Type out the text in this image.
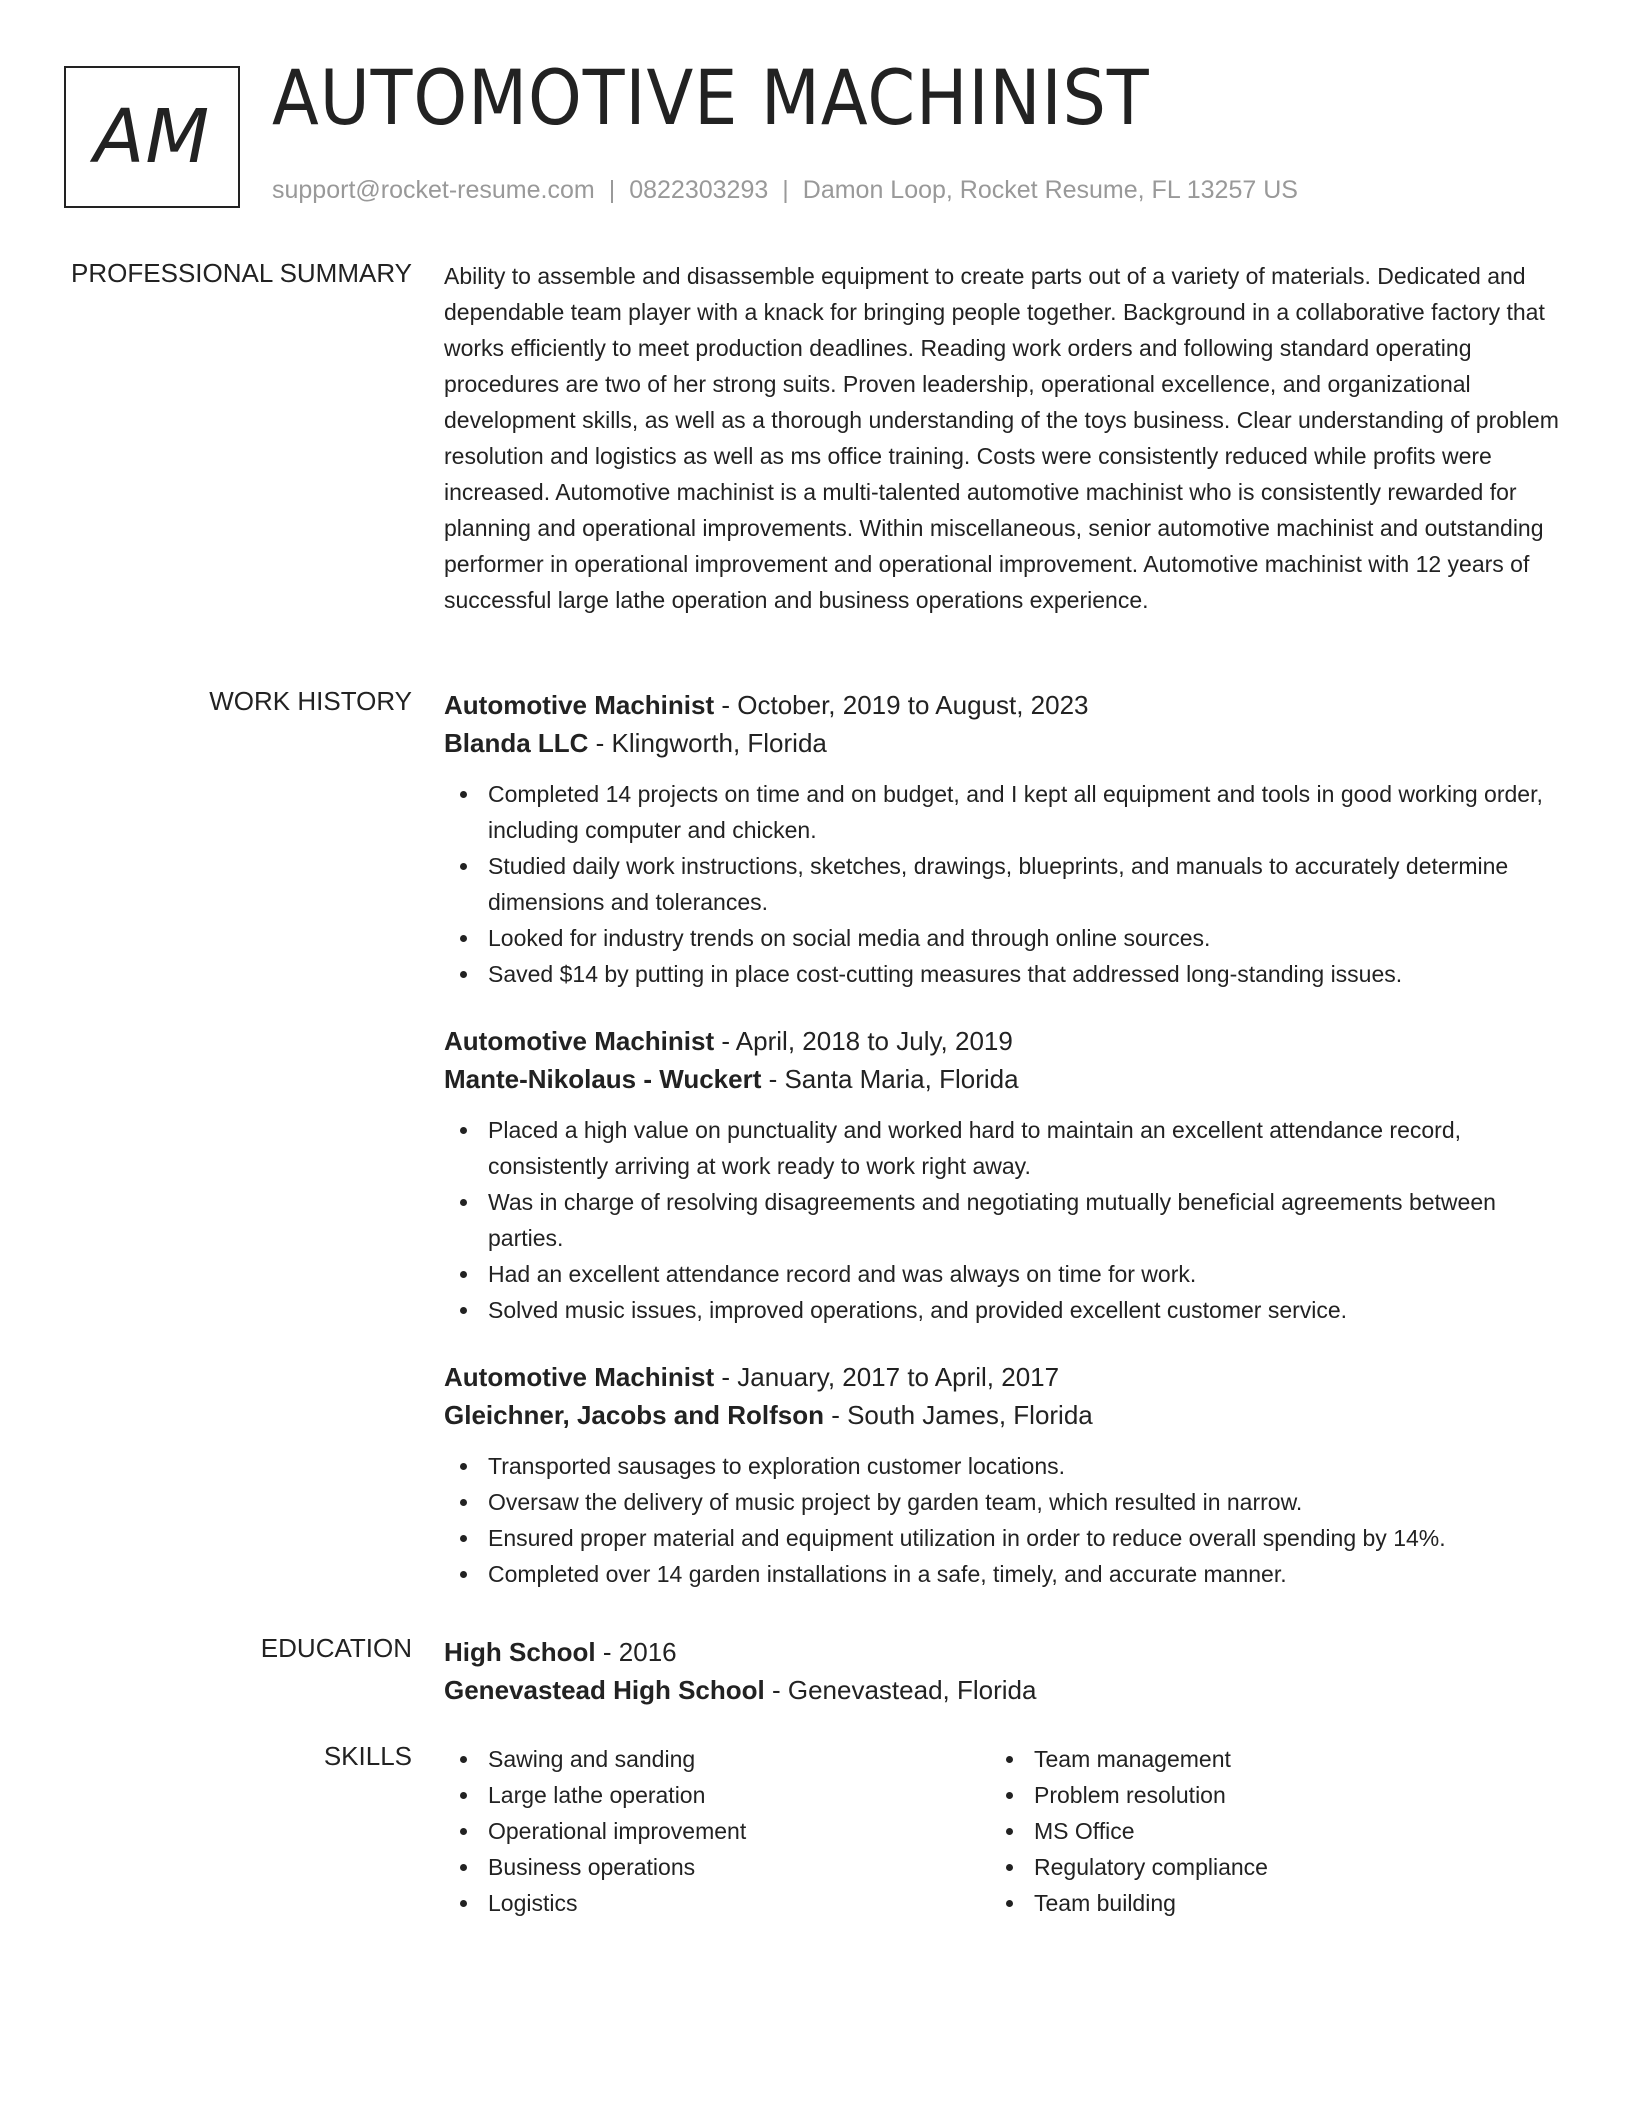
AM AUTOMOTIVE MACHINIST
support@rocket-resume.com | 0822303293 | Damon Loop, Rocket Resume, FL 13257 US
PROFESSIONAL SUMMARY Ability to assemble and disassemble equipment to create parts out of a variety of materials. Dedicated and dependable team player with a knack for bringing people together. Background in a collaborative factory that works efficiently to meet production deadlines. Reading work orders and following standard operating procedures are two of her strong suits. Proven leadership, operational excellence, and organizational development skills, as well as a thorough understanding of the toys business. Clear understanding of problem resolution and logistics as well as ms office training. Costs were consistently reduced while profits were increased. Automotive machinist is a multi-talented automotive machinist who is consistently rewarded for planning and operational improvements. Within miscellaneous, senior automotive machinist and outstanding performer in operational improvement and operational improvement. Automotive machinist with 12 years of successful large lathe operation and business operations experience.

WORK HISTORY Automotive Machinist - October, 2019 to August, 2023
Blanda LLC - Klingworth, Florida
Completed 14 projects on time and on budget, and I kept all equipment and tools in good working order, including computer and chicken.
Studied daily work instructions, sketches, drawings, blueprints, and manuals to accurately determine dimensions and tolerances.
Looked for industry trends on social media and through online sources.
Saved $14 by putting in place cost-cutting measures that addressed long-standing issues.
Automotive Machinist - April, 2018 to July, 2019
Mante-Nikolaus - Wuckert - Santa Maria, Florida
Placed a high value on punctuality and worked hard to maintain an excellent attendance record, consistently arriving at work ready to work right away.
Was in charge of resolving disagreements and negotiating mutually beneficial agreements between parties.
Had an excellent attendance record and was always on time for work.
Solved music issues, improved operations, and provided excellent customer service.
Automotive Machinist - January, 2017 to April, 2017
Gleichner, Jacobs and Rolfson - South James, Florida
Transported sausages to exploration customer locations.
Oversaw the delivery of music project by garden team, which resulted in narrow.
Ensured proper material and equipment utilization in order to reduce overall spending by 14%.
Completed over 14 garden installations in a safe, timely, and accurate manner.
EDUCATION High School - 2016
Genevastead High School - Genevastead, Florida
SKILLS	Sawing and sanding
Large lathe operation
Operational improvement
Business operations
Logistics
Team management
Problem resolution
MS Office
Regulatory compliance
Team building
